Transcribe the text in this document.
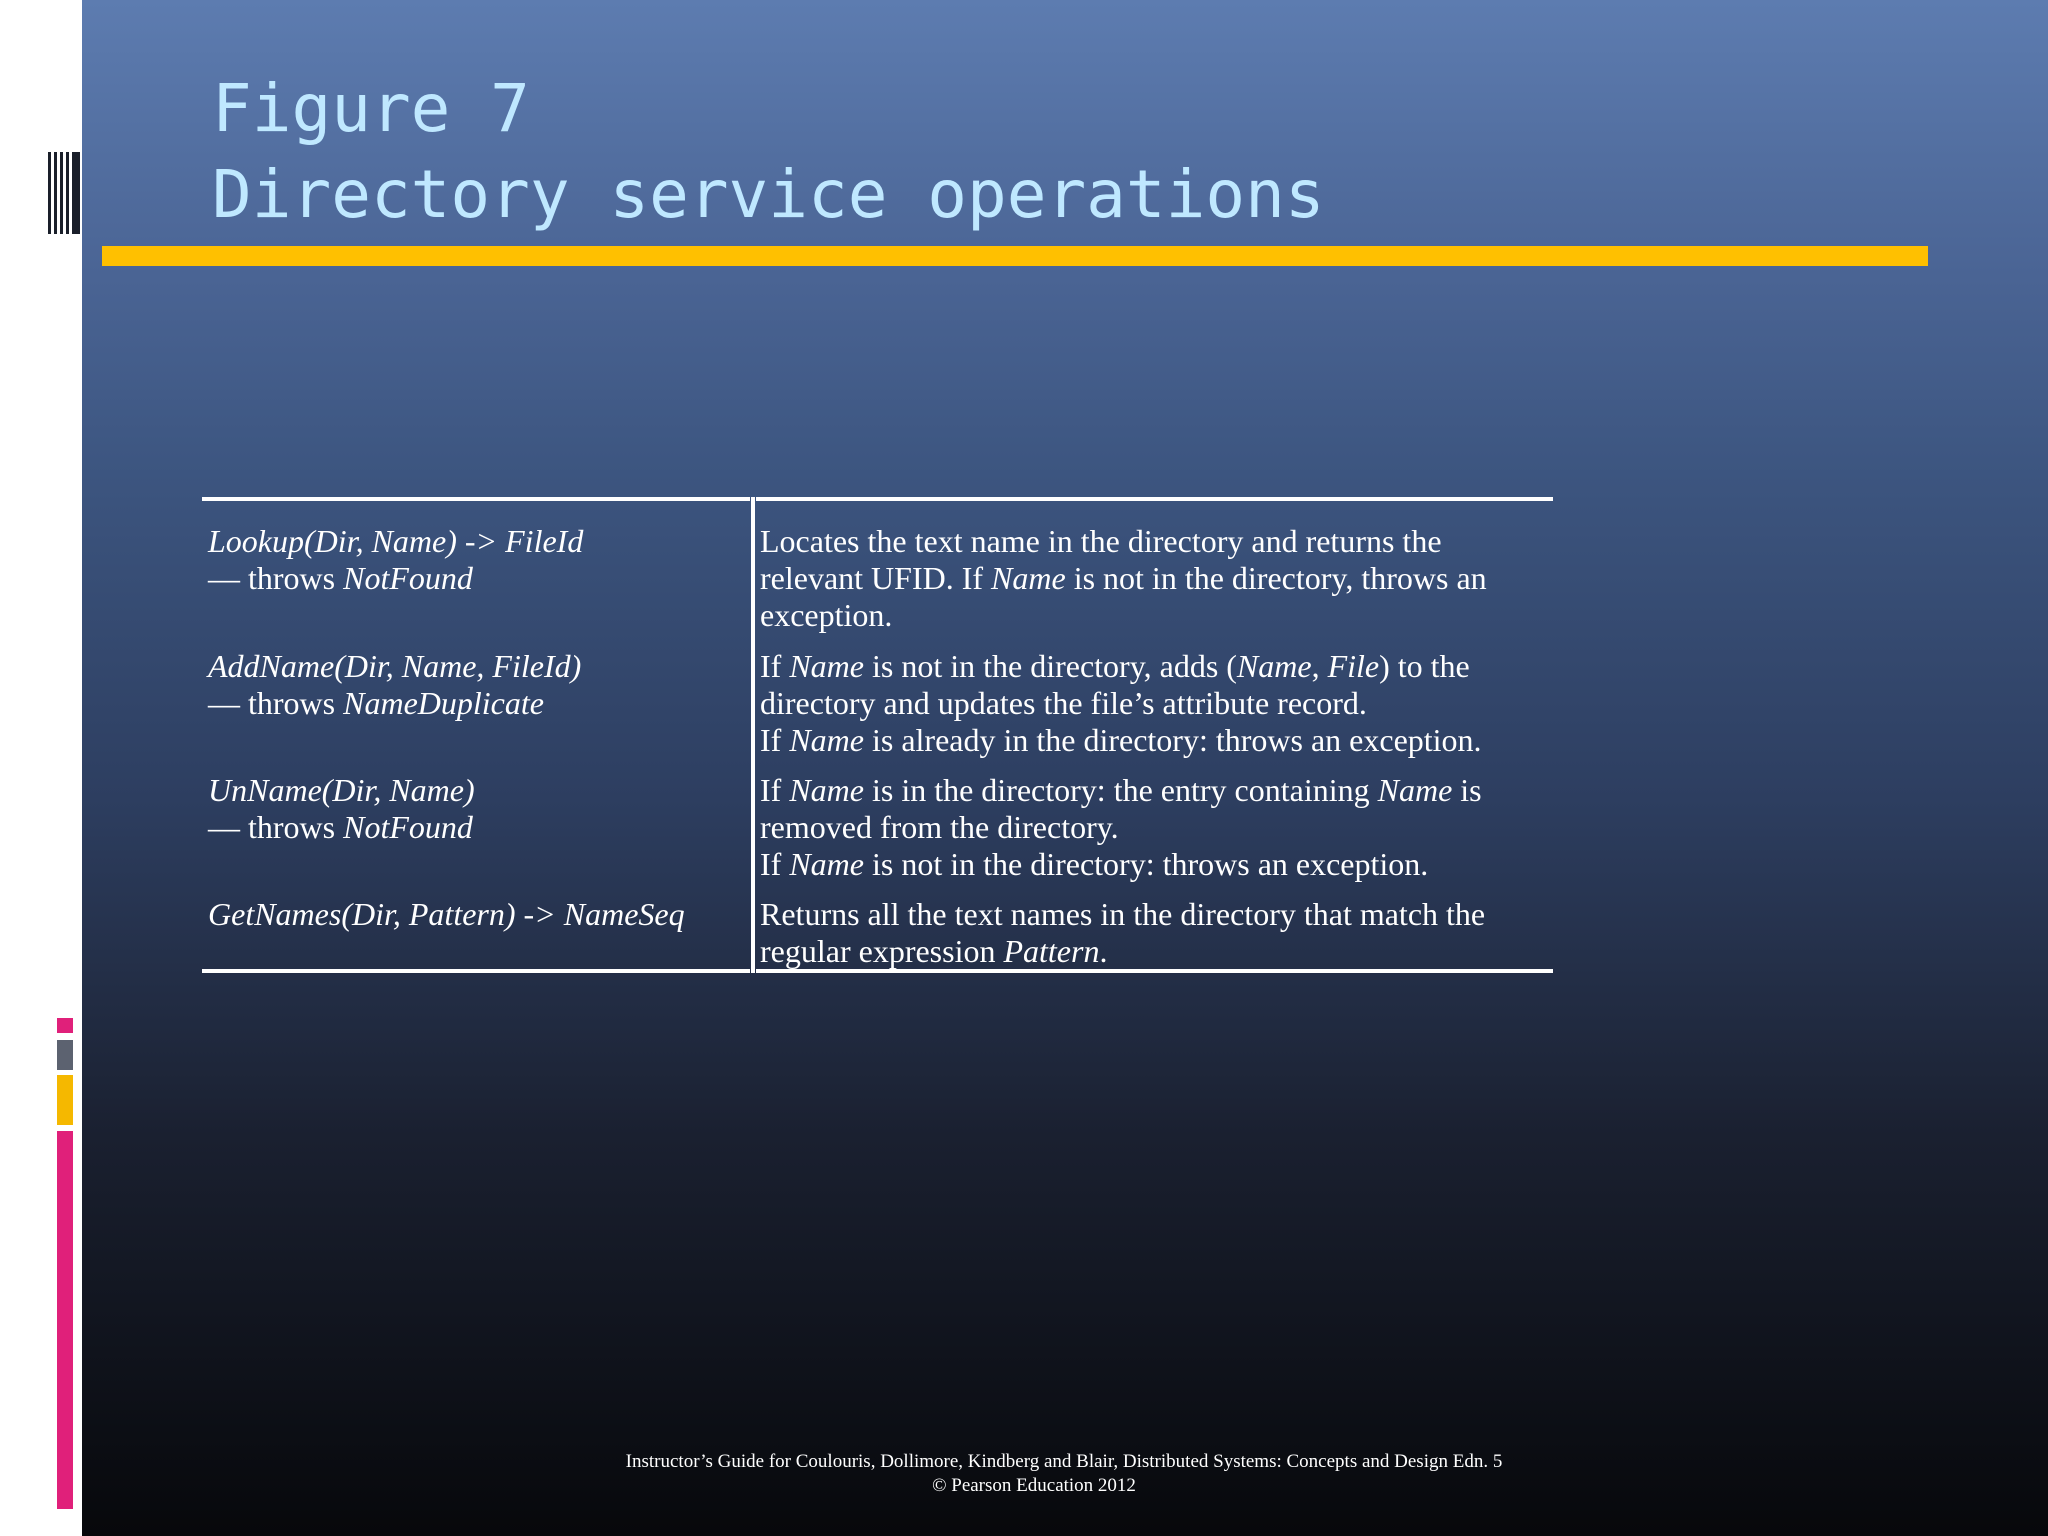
Figure 7
Directory service operations
Lookup(Dir, Name) -> FileId
— throws NotFound
AddName(Dir, Name, FileId)
— throws NameDuplicate
UnName(Dir, Name)
— throws NotFound
GetNames(Dir, Pattern) -> NameSeq
Locates the text name in the directory and returns the
relevant UFID. If Name is not in the directory, throws an
exception.
If Name is not in the directory, adds (Name, File) to the
directory and updates the file’s attribute record.
If Name is already in the directory: throws an exception.
If Name is in the directory: the entry containing Name is
removed from the directory.
If Name is not in the directory: throws an exception.
Returns all the text names in the directory that match the
regular expression Pattern.
Instructor’s Guide for Coulouris, Dollimore, Kindberg and Blair, Distributed Systems: Concepts and Design Edn. 5
© Pearson Education 2012
